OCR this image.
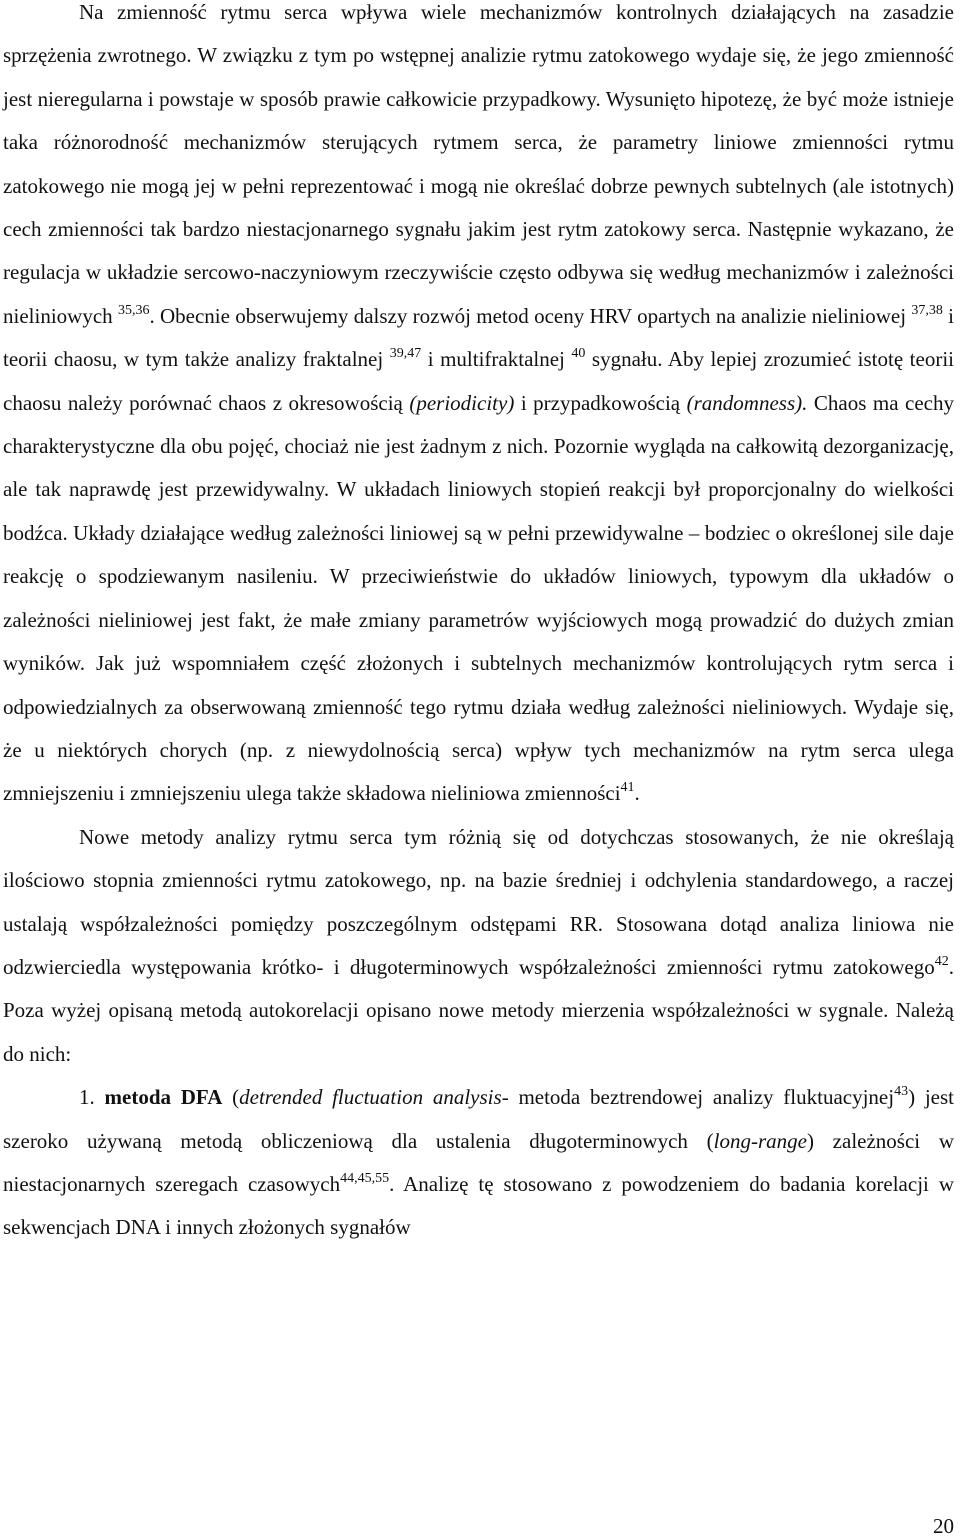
Na zmienność rytmu serca wpływa wiele mechanizmów kontrolnych działających na zasadzie sprzężenia zwrotnego. W związku z tym po wstępnej analizie rytmu zatokowego wydaje się, że jego zmienność jest nieregularna i powstaje w sposób prawie całkowicie przypadkowy. Wysunięto hipotezę, że być może istnieje taka różnorodność mechanizmów sterujących rytmem serca, że parametry liniowe zmienności rytmu zatokowego nie mogą jej w pełni reprezentować i mogą nie określać dobrze pewnych subtelnych (ale istotnych) cech zmienności tak bardzo niestacjonarnego sygnału jakim jest rytm zatokowy serca. Następnie wykazano, że regulacja w układzie sercowo-naczyniowym rzeczywiście często odbywa się według mechanizmów i zależności nieliniowych $^{35,36}$. Obecnie obserwujemy dalszy rozwój metod oceny HRV opartych na analizie nieliniowej $^{37,38}$ i teorii chaosu, w tym także analizy fraktalnej $^{39,47}$ i multifraktalnej $^{40}$ sygnału. Aby lepiej zrozumieć istotę teorii chaosu należy porównać chaos z okresowością (periodicity) i przypadkowością (randomness). Chaos ma cechy charakterystyczne dla obu pojęć, chociaż nie jest żadnym z nich. Pozornie wygląda na całkowitą dezorganizację, ale tak naprawdę jest przewidywalny. W układach liniowych stopień reakcji był proporcjonalny do wielkości bodźca. Układy działające według zależności liniowej są w pełni przewidywalne – bodziec o określonej sile daje reakcję o spodziewanym nasileniu. W przeciwieństwie do układów liniowych, typowym dla układów o zależności nieliniowej jest fakt, że małe zmiany parametrów wyjściowych mogą prowadzić do dużych zmian wyników. Jak już wspomniałem część złożonych i subtelnych mechanizmów kontrolujących rytm serca i odpowiedzialnych za obserwowaną zmienność tego rytmu działa według zależności nieliniowych. Wydaje się, że u niektórych chorych (np. z niewydolnością serca) wpływ tych mechanizmów na rytm serca ulega zmniejszeniu i zmniejszeniu ulega także składowa nieliniowa zmienności$^{41}$.

Nowe metody analizy rytmu serca tym różnią się od dotychczas stosowanych, że nie określają ilościowo stopnia zmienności rytmu zatokowego, np. na bazie średniej i odchylenia standardowego, a raczej ustalają współzależności pomiędzy poszczególnym odstępami RR. Stosowana dotąd analiza liniowa nie odzwierciedla występowania krótko- i długoterminowych współzależności zmienności rytmu zatokowego$^{42}$. Poza wyżej opisaną metodą autokorelacji opisano nowe metody mierzenia współzależności w sygnale. Należą do nich:

1. metoda DFA (detrended fluctuation analysis- metoda beztrendowej analizy fluktuacyjnej$^{43}$) jest szeroko używaną metodą obliczeniową dla ustalenia długoterminowych (long-range) zależności w niestacjonarnych szeregach czasowych$^{44,45,55}$. Analizę tę stosowano z powodzeniem do badania korelacji w sekwencjach DNA i innych złożonych sygnałów

20
